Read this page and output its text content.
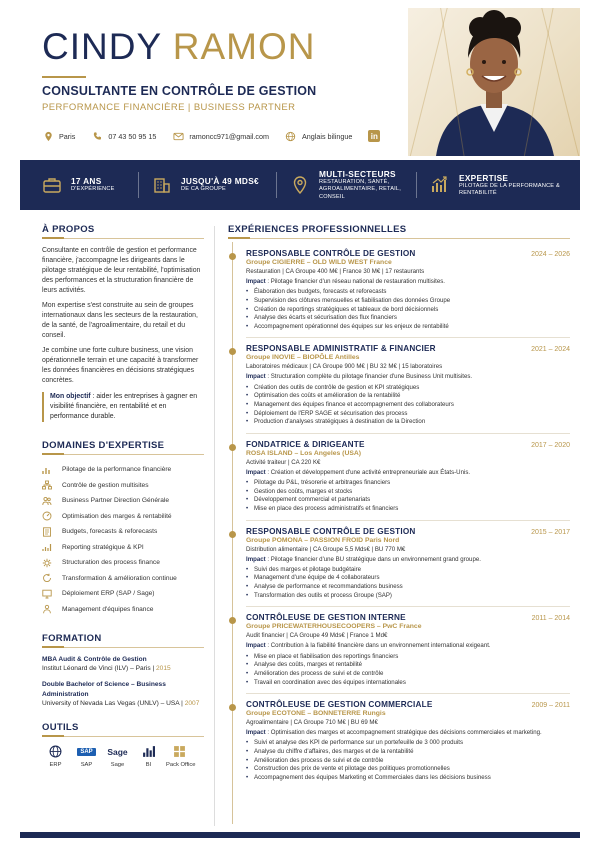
CINDY RAMON
CONSULTANTE EN CONTRÔLE DE GESTION
PERFORMANCE FINANCIÈRE | BUSINESS PARTNER
Paris	07 43 50 95 15	ramoncc971@gmail.com	Anglais bilingue	in
17 ANS
D'EXPÉRIENCE
JUSQU'À 49 MDS€
DE CA GROUPE
MULTI-SECTEURS
RESTAURATION, SANTÉ, AGROALIMENTAIRE, RETAIL, CONSEIL
EXPERTISE
PILOTAGE DE LA PERFORMANCE & RENTABILITÉ
À PROPOS

Consultante en contrôle de gestion et performance financière, j'accompagne les dirigeants dans le pilotage stratégique de leur rentabilité, l'optimisation des performances et la structuration financière de leurs activités.

Mon expertise s'est construite au sein de groupes internationaux dans les secteurs de la restauration, de la santé, de l'agroalimentaire, du retail et du conseil.

Je combine une forte culture business, une vision opérationnelle terrain et une capacité à transformer les données financières en décisions stratégiques concrètes.

Mon objectif : aider les entreprises à gagner en visibilité financière, en rentabilité et en performance durable.
DOMAINES D'EXPERTISE
Pilotage de la performance financière
Contrôle de gestion multisites
Business Partner Direction Générale
Optimisation des marges & rentabilité
Budgets, forecasts & reforecasts
Reporting stratégique & KPI
Structuration des process finance
Transformation & amélioration continue
Déploiement ERP (SAP / Sage)
Management d'équipes finance
FORMATION
MBA Audit & Contrôle de Gestion
Institut Léonard de Vinci (ILV) – Paris | 2015
Double Bachelor of Science – Business Administration
University of Nevada Las Vegas (UNLV) – USA | 2007
OUTILS
ERP
SAP
SAP
Sage
Sage	BI	Pack Office
EXPÉRIENCES PROFESSIONNELLES
RESPONSABLE CONTRÔLE DE GESTION	2024 – 2026
Groupe CIGIERRE – OLD WILD WEST France
Restauration | CA Groupe 400 M€ | France 30 M€ | 17 restaurants
Impact : Pilotage financier d'un réseau national de restauration multisites.
• Élaboration des budgets, forecasts et reforecasts
• Supervision des clôtures mensuelles et fiabilisation des données Groupe
• Création de reportings stratégiques et tableaux de bord décisionnels
• Analyse des écarts et sécurisation des flux financiers
• Accompagnement opérationnel des équipes sur les enjeux de rentabilité
RESPONSABLE ADMINISTRATIF & FINANCIER	2021 – 2024
Groupe INOVIE – BIOPÔLE Antilles
Laboratoires médicaux | CA Groupe 900 M€ | BU 32 M€ | 15 laboratoires
Impact : Structuration complète du pilotage financier d'une Business Unit multisites.
• Création des outils de contrôle de gestion et KPI stratégiques
• Optimisation des coûts et amélioration de la rentabilité
• Management des équipes finance et accompagnement des collaborateurs
• Déploiement de l'ERP SAGE et sécurisation des process
• Production d'analyses stratégiques à destination de la Direction
FONDATRICE & DIRIGEANTE	2017 – 2020
ROSA ISLAND – Los Angeles (USA)
Activité traiteur | CA 220 K€
Impact : Création et développement d'une activité entrepreneuriale aux États-Unis.
• Pilotage du P&L, trésorerie et arbitrages financiers
• Gestion des coûts, marges et stocks
• Développement commercial et partenariats
• Mise en place des process administratifs et financiers
RESPONSABLE CONTRÔLE DE GESTION	2015 – 2017
Groupe POMONA – PASSION FROID Paris Nord
Distribution alimentaire | CA Groupe 5,5 Mds€ | BU 770 M€
Impact : Pilotage financier d'une BU stratégique dans un environnement grand groupe.
• Suivi des marges et pilotage budgétaire
• Management d'une équipe de 4 collaborateurs
• Analyse de performance et recommandations business
• Transformation des outils et process Groupe (SAP)
CONTRÔLEUSE DE GESTION INTERNE	2011 – 2014
Groupe PRICEWATERHOUSECOOPERS – PwC France
Audit financier | CA Groupe 49 Mds€ | France 1 Md€
Impact : Contribution à la fiabilité financière dans un environnement international exigeant.
• Mise en place et fiabilisation des reportings financiers
• Analyse des coûts, marges et rentabilité
• Amélioration des process de suivi et de contrôle
• Travail en coordination avec des équipes internationales
CONTRÔLEUSE DE GESTION COMMERCIALE	2009 – 2011
Groupe ECOTONE – BONNETERRE Rungis
Agroalimentaire | CA Groupe 710 M€ | BU 69 M€
Impact : Optimisation des marges et accompagnement stratégique des décisions commerciales et marketing.
• Suivi et analyse des KPI de performance sur un portefeuille de 3 000 produits
• Analyse du chiffre d'affaires, des marges et de la rentabilité
• Amélioration des process de suivi et de contrôle
• Construction des prix de vente et pilotage des politiques promotionnelles
• Accompagnement des équipes Marketing et Commerciales dans les décisions business
